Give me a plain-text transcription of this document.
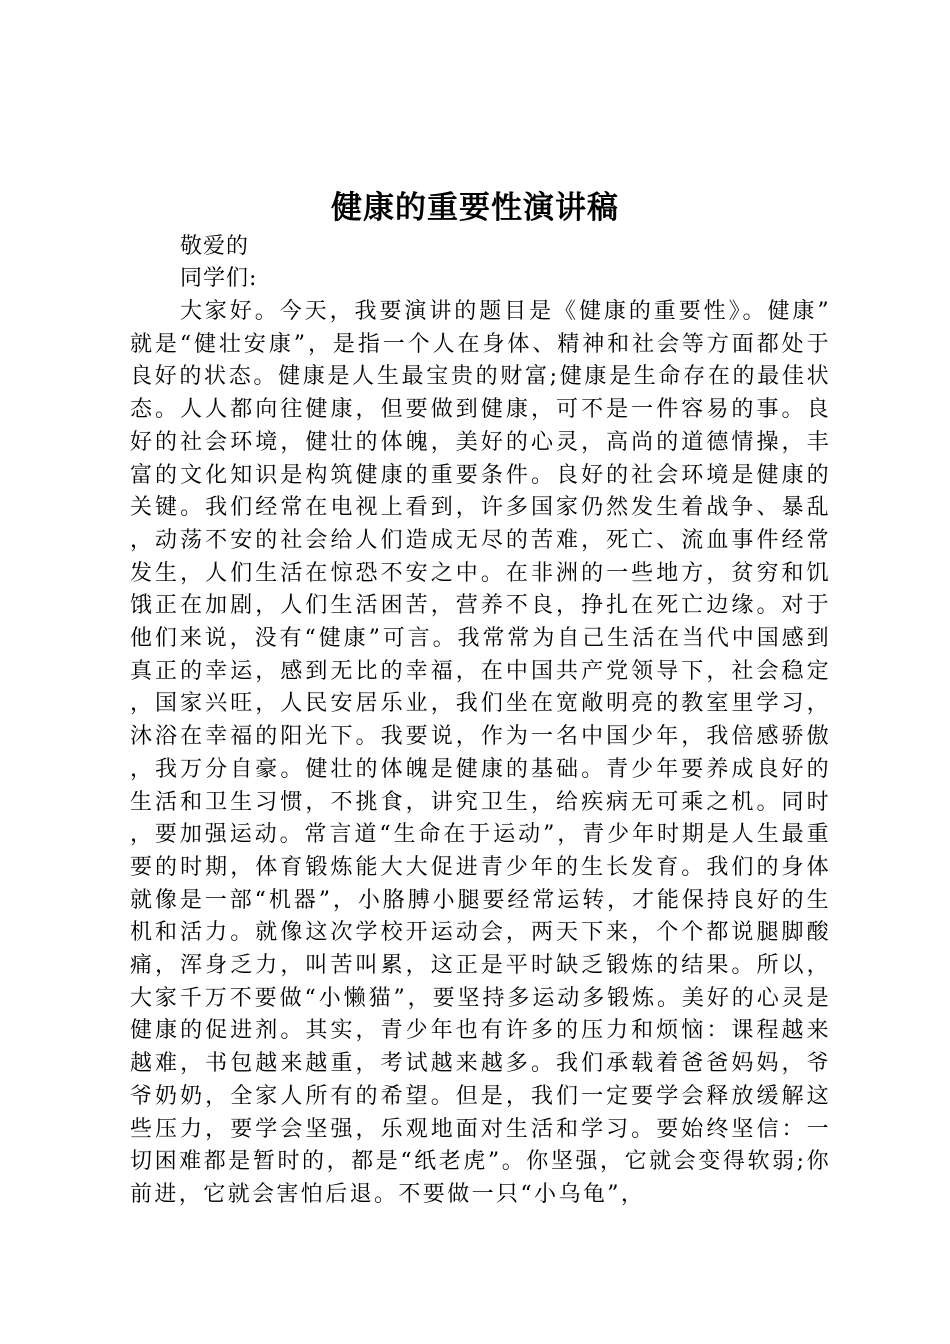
健康的重要性演讲稿
敬爱的
同学们:

大家好。今天，我要演讲的题目是《健康的重要性》。健康”就是“健壮安康”，是指一个人在身体、精神和社会等方面都处于良好的状态。健康是人生最宝贵的财富;健康是生命存在的最佳状态。人人都向往健康，但要做到健康，可不是一件容易的事。良好的社会环境，健壮的体魄，美好的心灵，高尚的道德情操，丰富的文化知识是构筑健康的重要条件。良好的社会环境是健康的关键。我们经常在电视上看到，许多国家仍然发生着战争、暴乱，动荡不安的社会给人们造成无尽的苦难，死亡、流血事件经常发生，人们生活在惊恐不安之中。在非洲的一些地方，贫穷和饥饿正在加剧，人们生活困苦，营养不良，挣扎在死亡边缘。对于他们来说，没有“健康”可言。我常常为自己生活在当代中国感到真正的幸运，感到无比的幸福，在中国共产党领导下，社会稳定，国家兴旺，人民安居乐业，我们坐在宽敞明亮的教室里学习，沐浴在幸福的阳光下。我要说，作为一名中国少年，我倍感骄傲，我万分自豪。健壮的体魄是健康的基础。青少年要养成良好的生活和卫生习惯，不挑食，讲究卫生，给疾病无可乘之机。同时，要加强运动。常言道“生命在于运动”，青少年时期是人生最重要的时期，体育锻炼能大大促进青少年的生长发育。我们的身体就像是一部“机器”，小胳膊小腿要经常运转，才能保持良好的生机和活力。就像这次学校开运动会，两天下来，个个都说腿脚酸痛，浑身乏力，叫苦叫累，这正是平时缺乏锻炼的结果。所以，大家千万不要做“小懒猫”，要坚持多运动多锻炼。美好的心灵是健康的促进剂。其实，青少年也有许多的压力和烦恼：课程越来越难，书包越来越重，考试越来越多。我们承载着爸爸妈妈，爷爷奶奶，全家人所有的希望。但是，我们一定要学会释放缓解这些压力，要学会坚强，乐观地面对生活和学习。要始终坚信：一切困难都是暂时的，都是“纸老虎”。你坚强，它就会变得软弱;你前进，它就会害怕后退。不要做一只“小乌龟”，
